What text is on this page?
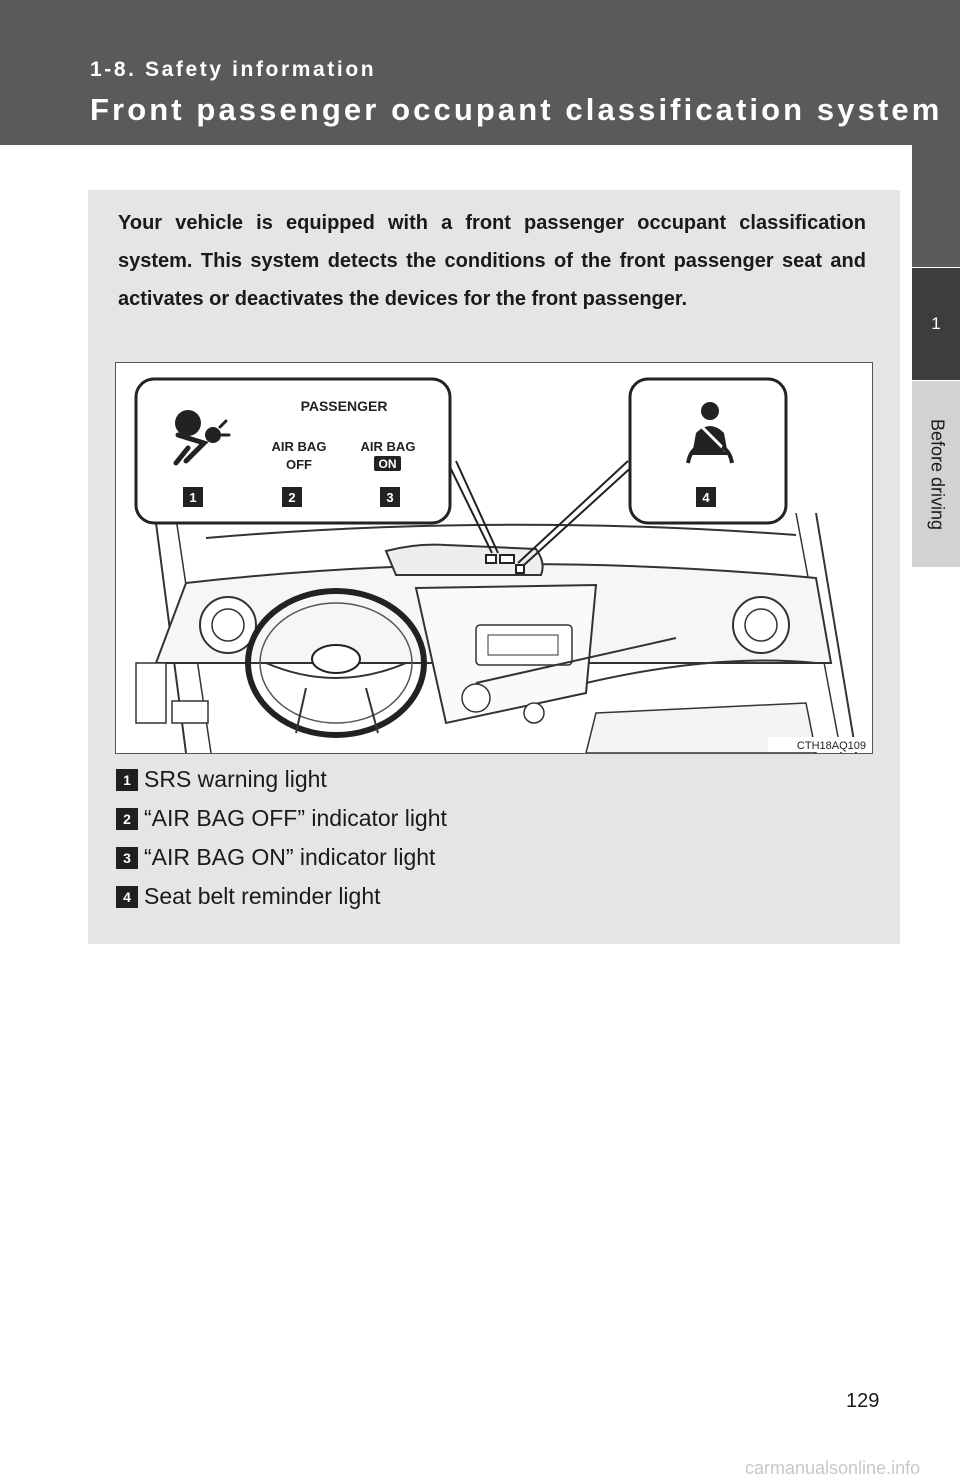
1-8. Safety information
Front passenger occupant classification system
1
Before driving
Your vehicle is equipped with a front passenger occupant classification system. This system detects the conditions of the front passenger seat and activates or deactivates the devices for the front passenger.
PASSENGER
AIR BAG
OFF
AIR BAG
ON
1	2	3	4
CTH18AQ109
1 SRS warning light
2 “AIR BAG OFF” indicator light
3 “AIR BAG ON” indicator light
4 Seat belt reminder light
129
carmanualsonline.info
